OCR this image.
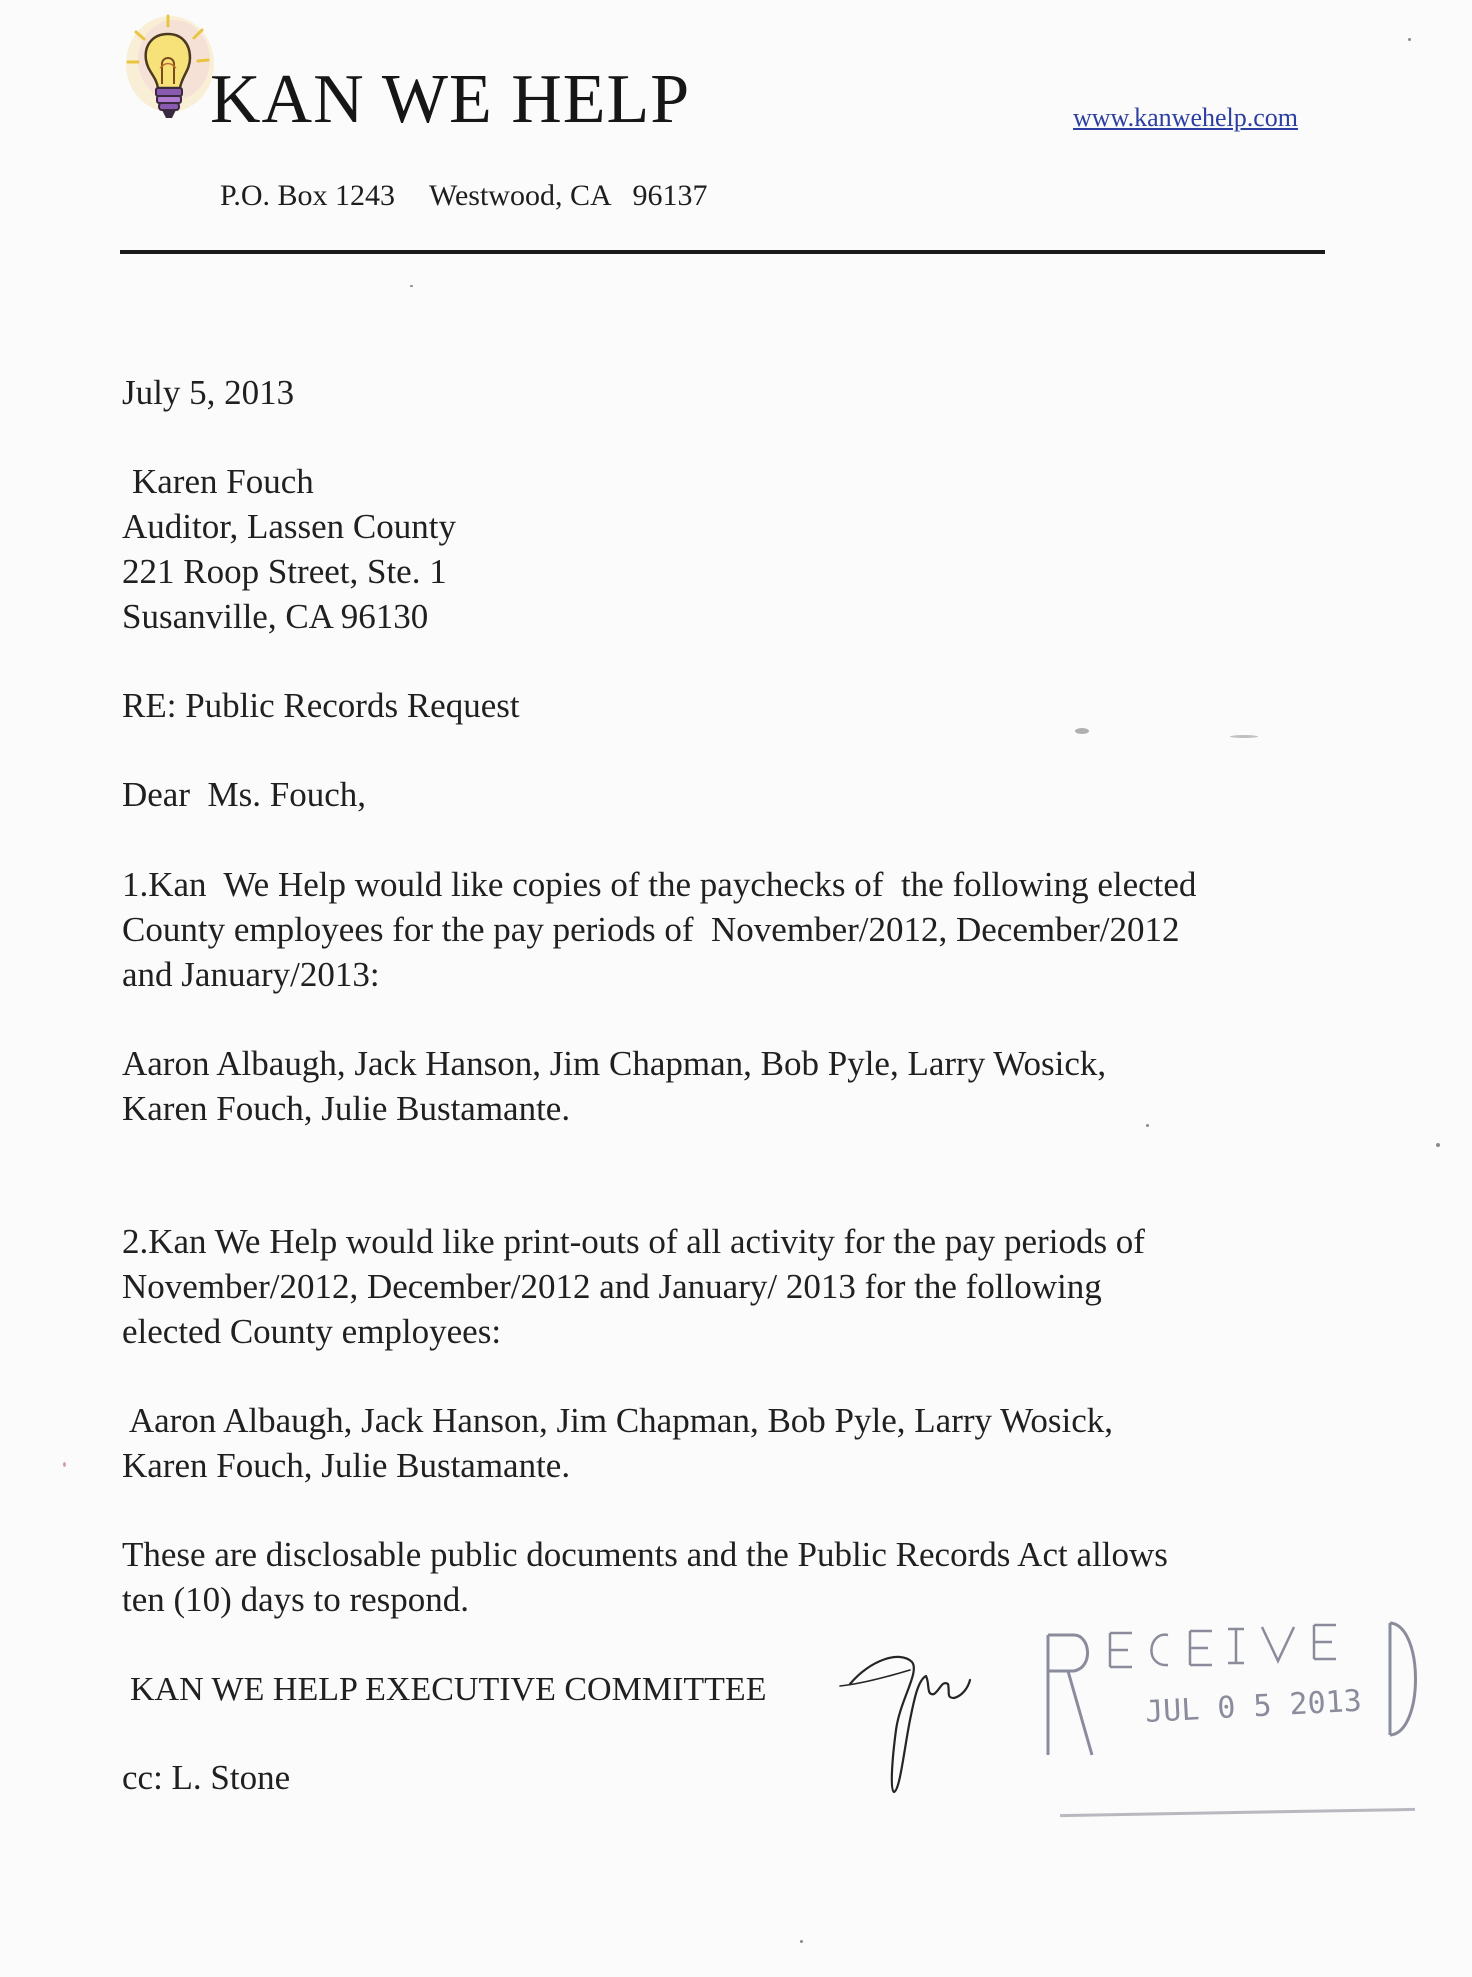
KAN WE HELP	www.kanwehelp.com
P.O. Box 1243 Westwood, CA   96137
July 5, 2013
Karen Fouch
Auditor, Lassen County
221 Roop Street, Ste. 1
Susanville, CA 96130
RE: Public Records Request
Dear  Ms. Fouch,
1.Kan  We Help would like copies of the paychecks of  the following elected
County employees for the pay periods of  November/2012, December/2012
and January/2013:
Aaron Albaugh, Jack Hanson, Jim Chapman, Bob Pyle, Larry Wosick,
Karen Fouch, Julie Bustamante.
2.Kan We Help would like print-outs of all activity for the pay periods of
November/2012, December/2012 and January/ 2013 for the following
elected County employees:
Aaron Albaugh, Jack Hanson, Jim Chapman, Bob Pyle, Larry Wosick,
Karen Fouch, Julie Bustamante.
These are disclosable public documents and the Public Records Act allows
ten (10) days to respond.
KAN WE HELP EXECUTIVE COMMITTEE
cc: L. Stone
JUL 0 5 2013
